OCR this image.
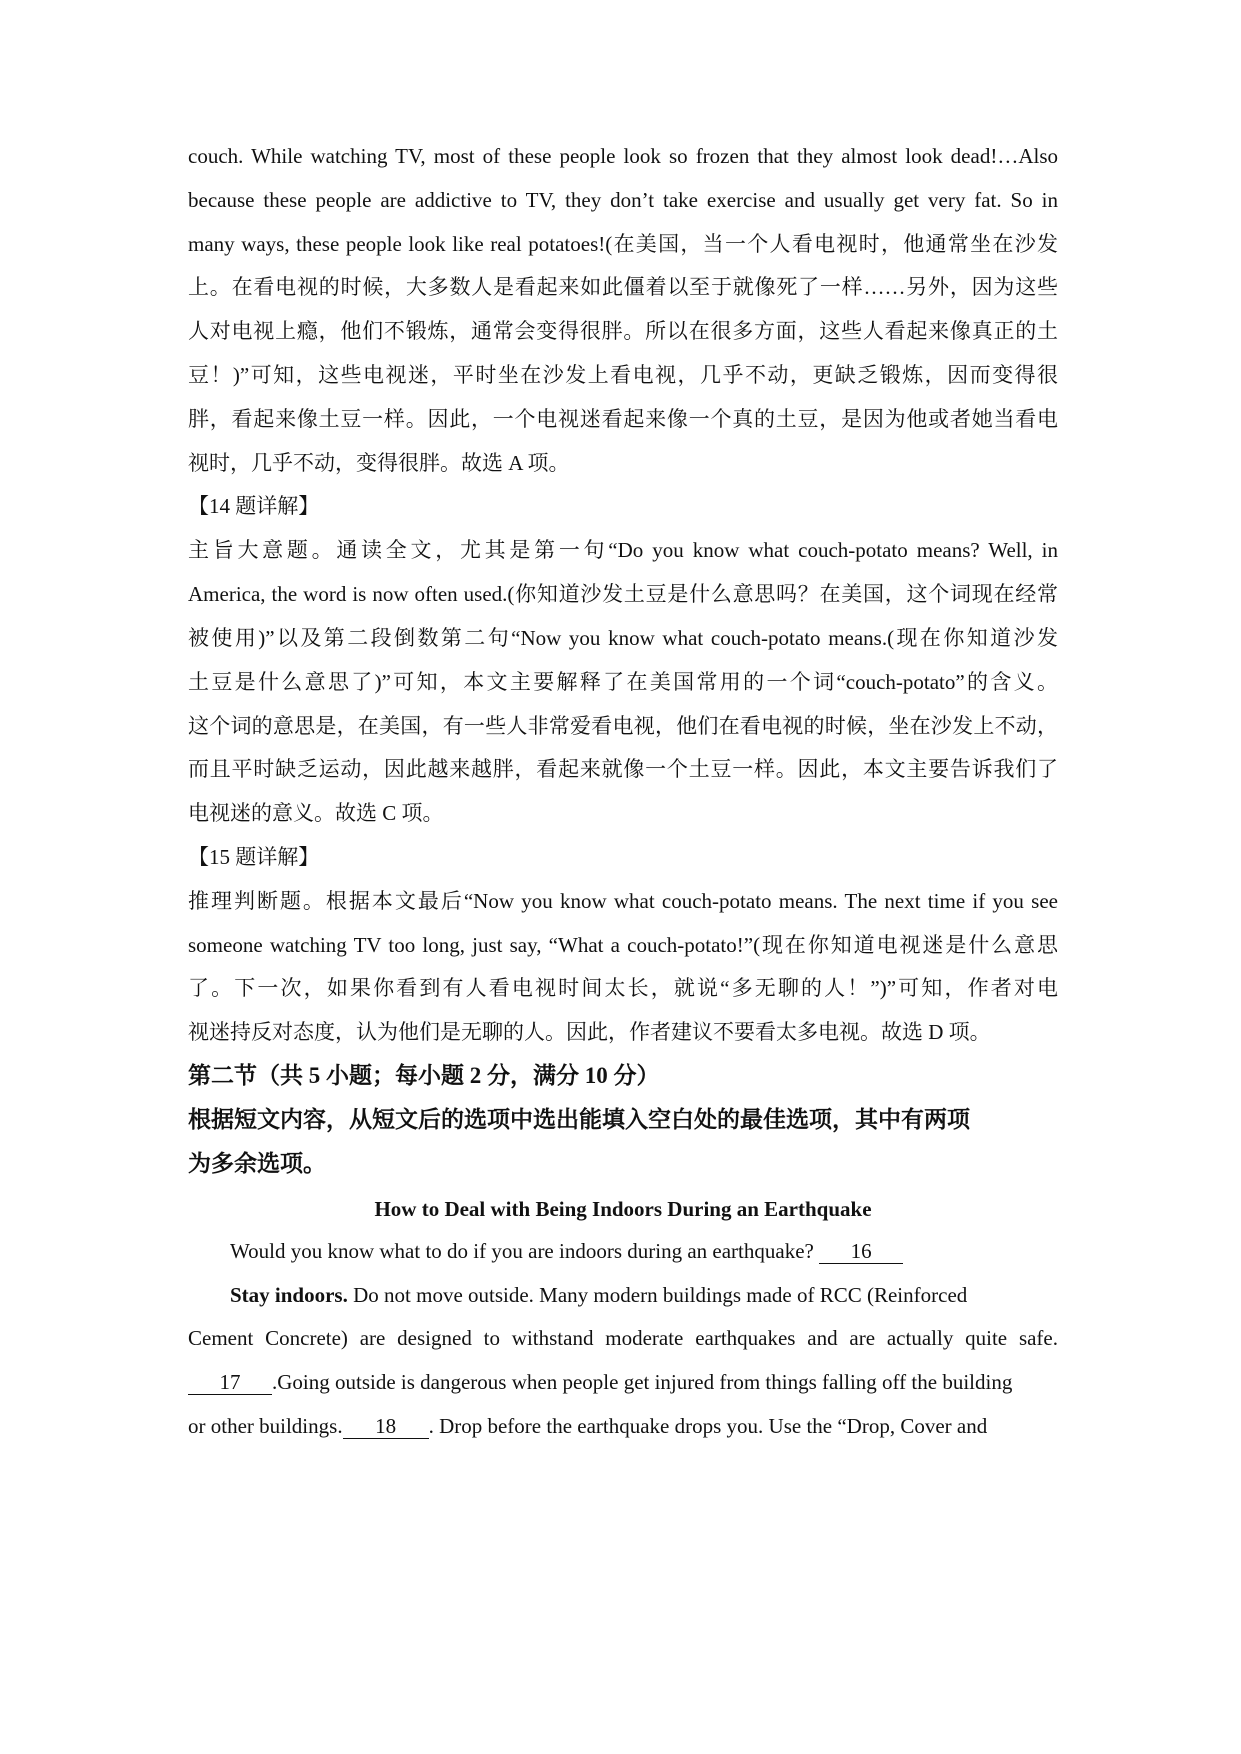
couch. While watching TV, most of these people look so frozen that they almost look dead!…Also
because these people are addictive to TV, they don’t take exercise and usually get very fat. So in
many ways, these people look like real potatoes!(在美国，当一个人看电视时，他通常坐在沙发
上。在看电视的时候，大多数人是看起来如此僵着以至于就像死了一样……另外，因为这些
人对电视上瘾，他们不锻炼，通常会变得很胖。所以在很多方面，这些人看起来像真正的土
豆！)”可知，这些电视迷，平时坐在沙发上看电视，几乎不动，更缺乏锻炼，因而变得很
胖，看起来像土豆一样。因此，一个电视迷看起来像一个真的土豆，是因为他或者她当看电
视时，几乎不动，变得很胖。故选 A 项。
【14 题详解】
主旨大意题。通读全文，尤其是第一句“Do you know what couch-potato means? Well, in
America, the word is now often used.(你知道沙发土豆是什么意思吗？在美国，这个词现在经常
被使用)”以及第二段倒数第二句“Now you know what couch-potato means.(现在你知道沙发
土豆是什么意思了)”可知，本文主要解释了在美国常用的一个词“couch-potato”的含义。
这个词的意思是，在美国，有一些人非常爱看电视，他们在看电视的时候，坐在沙发上不动，
而且平时缺乏运动，因此越来越胖，看起来就像一个土豆一样。因此，本文主要告诉我们了
电视迷的意义。故选 C 项。
【15 题详解】
推理判断题。根据本文最后“Now you know what couch-potato means. The next time if you see
someone watching TV too long, just say, “What a couch-potato!”(现在你知道电视迷是什么意思
了。下一次，如果你看到有人看电视时间太长，就说“多无聊的人！”)”可知，作者对电
视迷持反对态度，认为他们是无聊的人。因此，作者建议不要看太多电视。故选 D 项。
第二节（共 5 小题；每小题 2 分，满分 10 分）
根据短文内容，从短文后的选项中选出能填入空白处的最佳选项，其中有两项
为多余选项。
How to Deal with Being Indoors During an Earthquake
Would you know what to do if you are indoors during an earthquake? 16
Stay indoors. Do not move outside. Many modern buildings made of RCC (Reinforced
Cement Concrete) are designed to withstand moderate earthquakes and are actually quite safe.
17 .Going outside is dangerous when people get injured from things falling off the building
or other buildings. 18 . Drop before the earthquake drops you. Use the “Drop, Cover and
